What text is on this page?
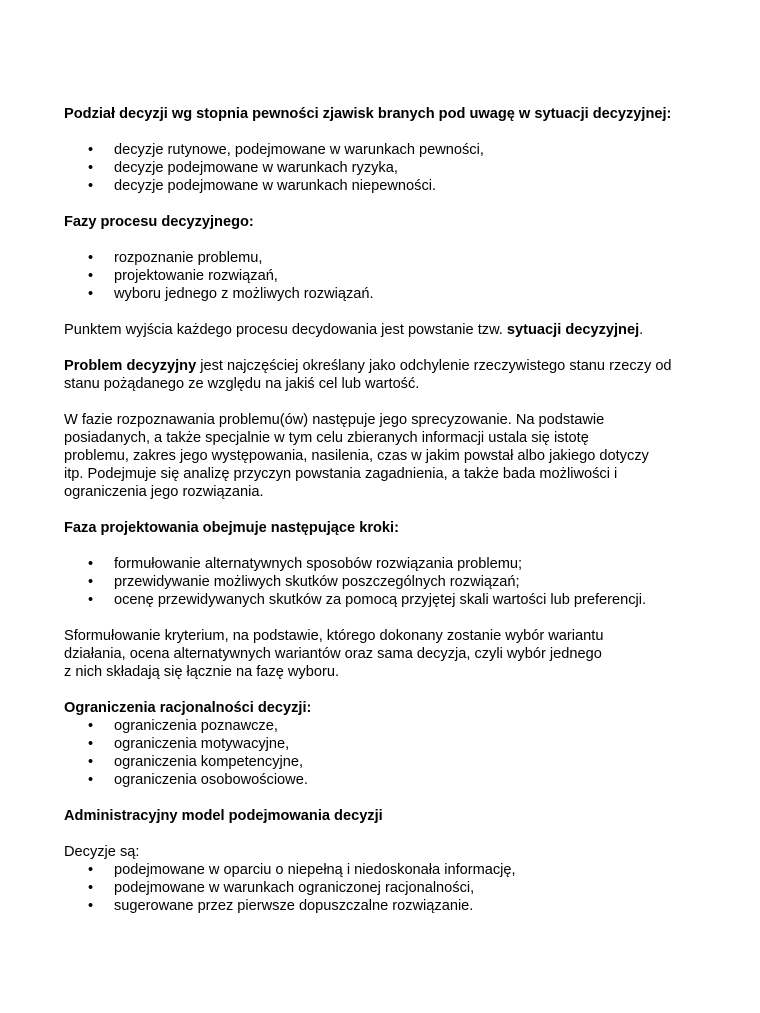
Podział decyzji wg stopnia pewności zjawisk branych pod uwagę w sytuacji decyzyjnej:

• decyzje rutynowe, podejmowane w warunkach pewności,
• decyzje podejmowane w warunkach ryzyka,
• decyzje podejmowane w warunkach niepewności.

Fazy procesu decyzyjnego:

• rozpoznanie problemu,
• projektowanie rozwiązań,
• wyboru jednego z możliwych rozwiązań.

Punktem wyjścia każdego procesu decydowania jest powstanie tzw. sytuacji decyzyjnej.

Problem decyzyjny jest najczęściej określany jako odchylenie rzeczywistego stanu rzeczy od stanu pożądanego ze względu na jakiś cel lub wartość.

W fazie rozpoznawania problemu(ów) następuje jego sprecyzowanie. Na podstawie
posiadanych, a także specjalnie w tym celu zbieranych informacji ustala się istotę
problemu, zakres jego występowania, nasilenia, czas w jakim powstał albo jakiego dotyczy
itp. Podejmuje się analizę przyczyn powstania zagadnienia, a także bada możliwości i
ograniczenia jego rozwiązania.

Faza projektowania obejmuje następujące kroki:

• formułowanie alternatywnych sposobów rozwiązania problemu;
• przewidywanie możliwych skutków poszczególnych rozwiązań;
• ocenę przewidywanych skutków za pomocą przyjętej skali wartości lub preferencji.
Sformułowanie kryterium, na podstawie, którego dokonany zostanie wybór wariantu
działania, ocena alternatywnych wariantów oraz sama decyzja, czyli wybór jednego
z nich składają się łącznie na fazę wyboru.

Ograniczenia racjonalności decyzji:

• ograniczenia poznawcze,
• ograniczenia motywacyjne,
• ograniczenia kompetencyjne,
• ograniczenia osobowościowe.

Administracyjny model podejmowania decyzji

Decyzje są:

• podejmowane w oparciu o niepełną i niedoskonała informację,
• podejmowane w warunkach ograniczonej racjonalności,
• sugerowane przez pierwsze dopuszczalne rozwiązanie.
